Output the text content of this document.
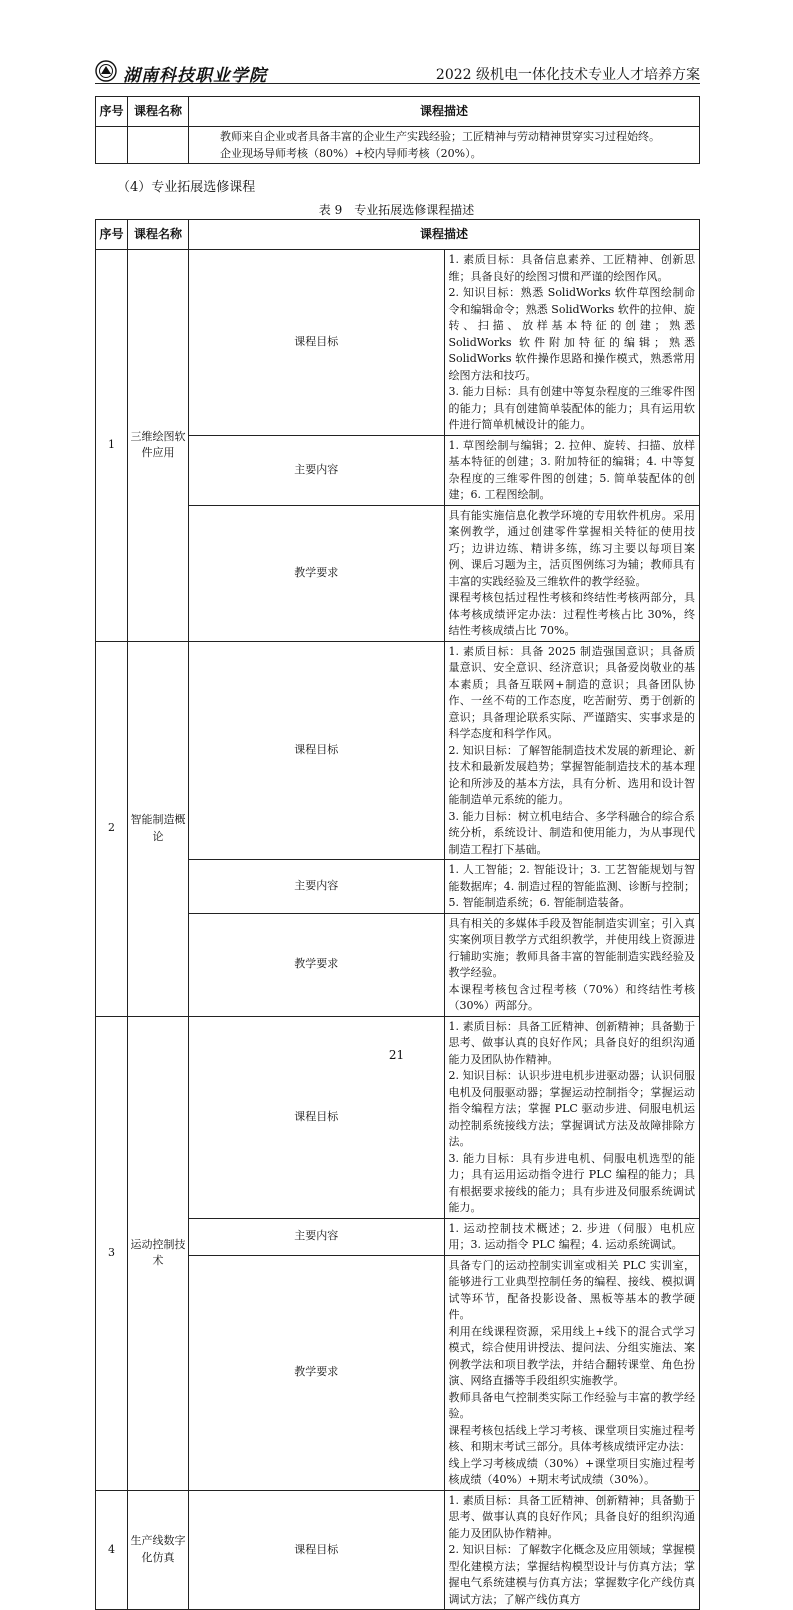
湖南科技职业学院	2022 级机电一体化技术专业人才培养方案
序号	课程名称	课程描述

		教师来自企业或者具备丰富的企业生产实践经验；工匠精神与劳动精神贯穿实习过程始终。
企业现场导师考核（80%）+校内导师考核（20%）。
（4）专业拓展选修课程
表 9　专业拓展选修课程描述
序号	课程名称	课程描述	
1	三维绘图软件应用	课程目标	1. 素质目标：具备信息素养、工匠精神、创新思维；具备良好的绘图习惯和严谨的绘图作风。
2. 知识目标：熟悉 SolidWorks 软件草图绘制命令和编辑命令；熟悉 SolidWorks 软件的拉伸、旋转、扫描、放样基本特征的创建；熟悉 SolidWorks 软件附加特征的编辑；熟悉 SolidWorks 软件操作思路和操作模式，熟悉常用绘图方法和技巧。
3. 能力目标：具有创建中等复杂程度的三维零件图的能力；具有创建简单装配体的能力；具有运用软件进行简单机械设计的能力。

		主要内容	1. 草图绘制与编辑；2. 拉伸、旋转、扫描、放样基本特征的创建；3. 附加特征的编辑；4. 中等复杂程度的三维零件图的创建；5. 简单装配体的创建；6. 工程图绘制。

		教学要求	具有能实施信息化教学环境的专用软件机房。采用案例教学，通过创建零件掌握相关特征的使用技巧；边讲边练、精讲多练，练习主要以每项目案例、课后习题为主，活页图例练习为辅；教师具有丰富的实践经验及三维软件的教学经验。
课程考核包括过程性考核和终结性考核两部分，具体考核成绩评定办法：过程性考核占比 30%，终结性考核成绩占比 70%。

2	智能制造概论	课程目标	1. 素质目标：具备 2025 制造强国意识；具备质量意识、安全意识、经济意识；具备爱岗敬业的基本素质；具备互联网+制造的意识；具备团队协作、一丝不苟的工作态度，吃苦耐劳、勇于创新的意识；具备理论联系实际、严谨踏实、实事求是的科学态度和科学作风。
2. 知识目标：了解智能制造技术发展的新理论、新技术和最新发展趋势；掌握智能制造技术的基本理论和所涉及的基本方法，具有分析、选用和设计智能制造单元系统的能力。
3. 能力目标：树立机电结合、多学科融合的综合系统分析，系统设计、制造和使用能力，为从事现代制造工程打下基础。

		主要内容	1. 人工智能；2. 智能设计；3. 工艺智能规划与智能数据库；4. 制造过程的智能监测、诊断与控制；5. 智能制造系统；6. 智能制造装备。

		教学要求	具有相关的多媒体手段及智能制造实训室；引入真实案例项目教学方式组织教学，并使用线上资源进行辅助实施；教师具备丰富的智能制造实践经验及教学经验。
本课程考核包含过程考核（70%）和终结性考核（30%）两部分。

3	运动控制技术	课程目标	1. 素质目标：具备工匠精神、创新精神；具备勤于思考、做事认真的良好作风；具备良好的组织沟通能力及团队协作精神。
2. 知识目标：认识步进电机步进驱动器；认识伺服电机及伺服驱动器；掌握运动控制指令；掌握运动指令编程方法；掌握 PLC 驱动步进、伺服电机运动控制系统接线方法；掌握调试方法及故障排除方法。
3. 能力目标：具有步进电机、伺服电机选型的能力；具有运用运动指令进行 PLC 编程的能力；具有根据要求接线的能力；具有步进及伺服系统调试能力。

		主要内容	1. 运动控制技术概述；2. 步进（伺服）电机应用；3. 运动指令 PLC 编程；4. 运动系统调试。

		教学要求	具备专门的运动控制实训室或相关 PLC 实训室，能够进行工业典型控制任务的编程、接线、模拟调试等环节，配备投影设备、黑板等基本的教学硬件。
利用在线课程资源，采用线上+线下的混合式学习模式，综合使用讲授法、提问法、分组实施法、案例教学法和项目教学法，并结合翻转课堂、角色扮演、网络直播等手段组织实施教学。
教师具备电气控制类实际工作经验与丰富的教学经验。
课程考核包括线上学习考核、课堂项目实施过程考核、和期末考试三部分。具体考核成绩评定办法：
线上学习考核成绩（30%）+课堂项目实施过程考核成绩（40%）+期末考试成绩（30%）。

4	生产线数字化仿真	课程目标	1. 素质目标：具备工匠精神、创新精神；具备勤于思考、做事认真的良好作风；具备良好的组织沟通能力及团队协作精神。
2. 知识目标：了解数字化概念及应用领域；掌握模型化建模方法；掌握结构模型设计与仿真方法；掌握电气系统建模与仿真方法；掌握数字化产线仿真调试方法；了解产线仿真方
21
